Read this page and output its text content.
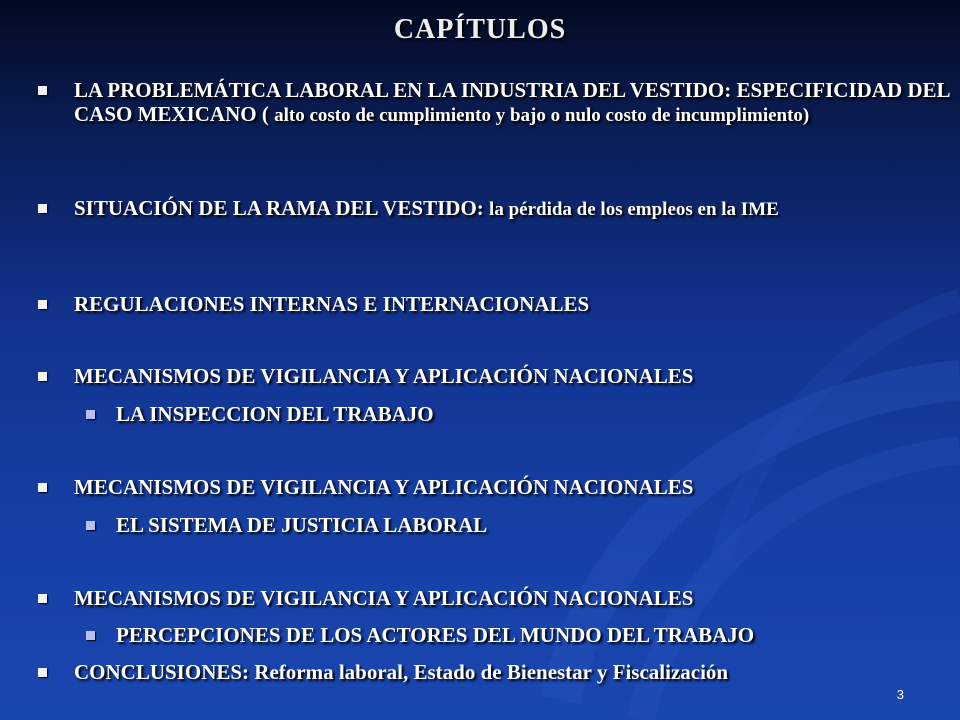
CAPÍTULOS
LA PROBLEMÁTICA LABORAL EN LA INDUSTRIA DEL VESTIDO: ESPECIFICIDAD DEL CASO MEXICANO ( alto costo de cumplimiento y bajo o nulo costo de incumplimiento)
SITUACIÓN DE LA RAMA DEL VESTIDO: la pérdida de los empleos en la IME
REGULACIONES INTERNAS E INTERNACIONALES
MECANISMOS DE VIGILANCIA Y APLICACIÓN NACIONALES
LA INSPECCION DEL TRABAJO
MECANISMOS DE VIGILANCIA Y APLICACIÓN NACIONALES
EL SISTEMA DE JUSTICIA LABORAL
MECANISMOS DE VIGILANCIA Y APLICACIÓN NACIONALES
PERCEPCIONES DE LOS ACTORES DEL MUNDO DEL TRABAJO
CONCLUSIONES: Reforma laboral, Estado de Bienestar y Fiscalización
3
